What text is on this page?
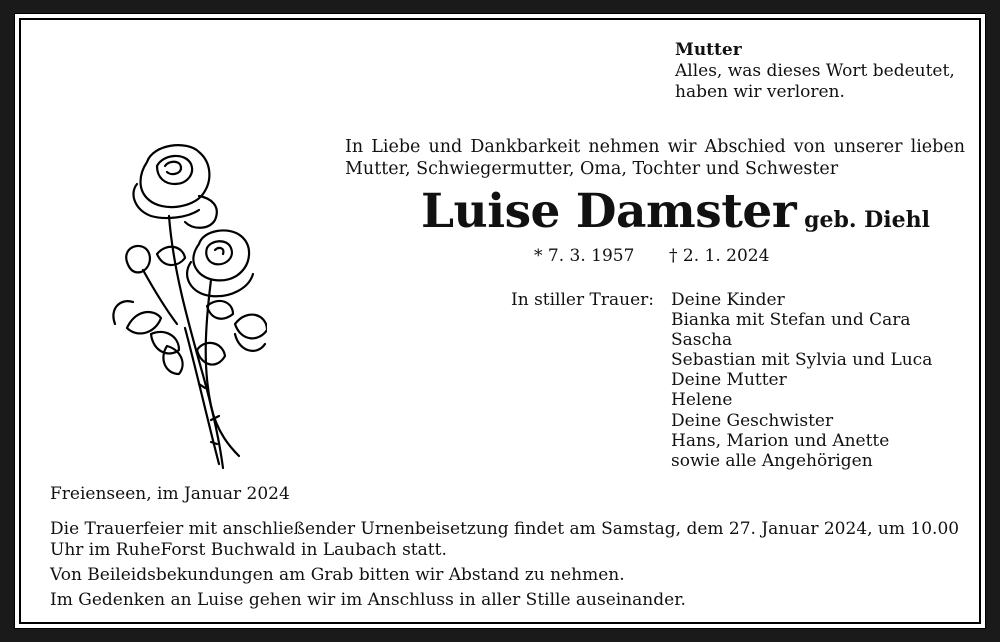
Mutter
Alles, was dieses Wort bedeutet,
haben wir verloren.
In Liebe und Dankbarkeit nehmen wir Abschied von unserer lieben Mutter, Schwiegermutter, Oma, Tochter und Schwester
Luise Damster geb. Diehl
* 7. 3. 1957 † 2. 1. 2024
In stiller Trauer: Deine Kinder
Bianka mit Stefan und Cara
Sascha
Sebastian mit Sylvia und Luca
Deine Mutter
Helene
Deine Geschwister
Hans, Marion und Anette
sowie alle Angehörigen
Freienseen, im Januar 2024

Die Trauerfeier mit anschließender Urnenbeisetzung findet am Samstag, dem 27. Januar 2024, um 10.00 Uhr im RuheForst Buchwald in Laubach statt.

Von Beileidsbekundungen am Grab bitten wir Abstand zu nehmen.

Im Gedenken an Luise gehen wir im Anschluss in aller Stille auseinander.
